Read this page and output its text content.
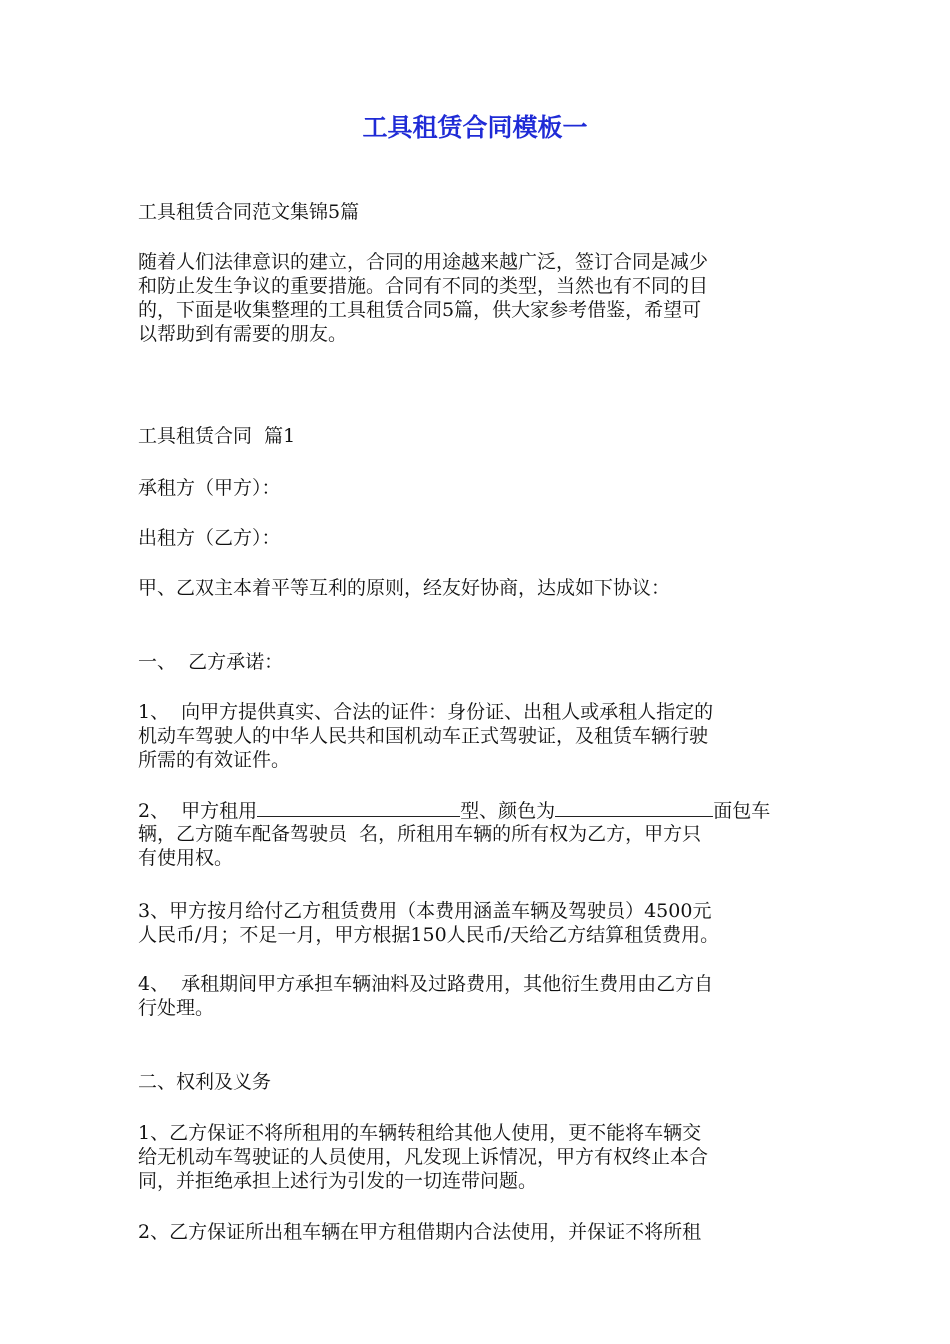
工具租赁合同模板一
工具租赁合同范文集锦5篇
随着人们法律意识的建立，合同的用途越来越广泛，签订合同是减少
和防止发生争议的重要措施。合同有不同的类型，当然也有不同的目
的，下面是收集整理的工具租赁合同5篇，供大家参考借鉴，希望可
以帮助到有需要的朋友。
工具租赁合同  篇1
承租方（甲方）：
出租方（乙方）：
甲、乙双主本着平等互利的原则，经友好协商，达成如下协议：
一、  乙方承诺：
1、  向甲方提供真实、合法的证件：身份证、出租人或承租人指定的
机动车驾驶人的中华人民共和国机动车正式驾驶证，及租赁车辆行驶
所需的有效证件。
2、  甲方租用	型、颜色为	面包车
辆，乙方随车配备驾驶员  名，所租用车辆的所有权为乙方，甲方只
有使用权。
3、甲方按月给付乙方租赁费用（本费用涵盖车辆及驾驶员）4500元
人民币/月；不足一月，甲方根据150人民币/天给乙方结算租赁费用。
4、  承租期间甲方承担车辆油料及过路费用，其他衍生费用由乙方自
行处理。
二、权利及义务
1、乙方保证不将所租用的车辆转租给其他人使用，更不能将车辆交
给无机动车驾驶证的人员使用，凡发现上诉情况，甲方有权终止本合
同，并拒绝承担上述行为引发的一切连带问题。
2、乙方保证所出租车辆在甲方租借期内合法使用，并保证不将所租
